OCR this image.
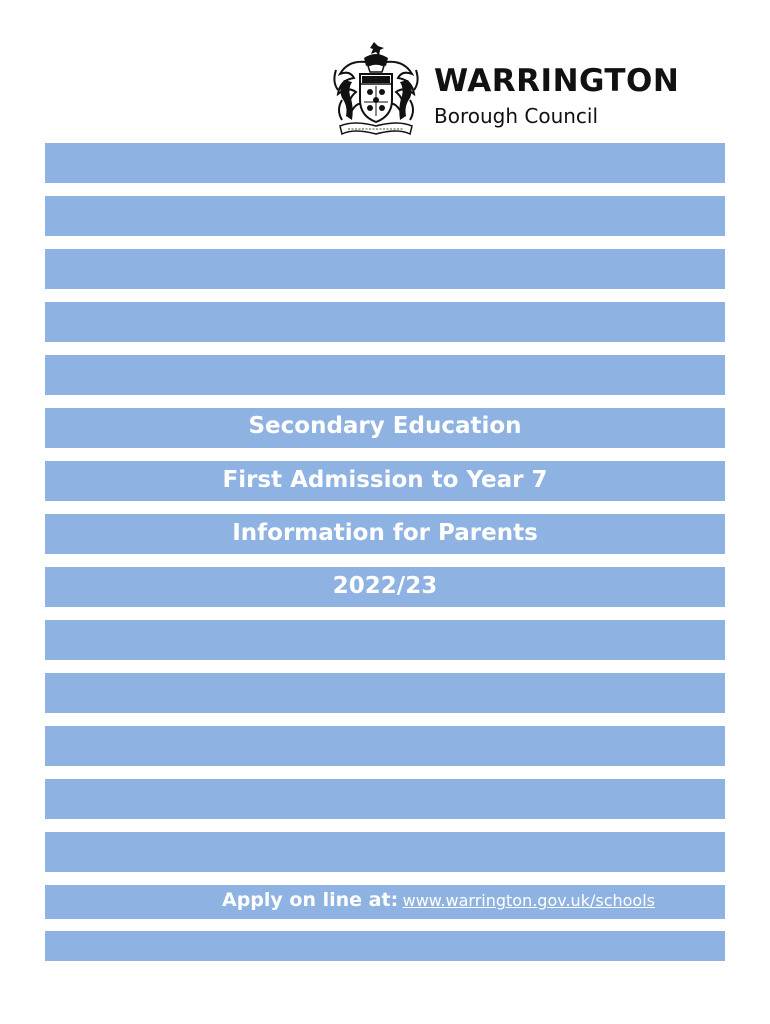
WARRINGTON
Borough Council
Secondary Education
First Admission to Year 7
Information for Parents
2022/23
Apply on line at: www.warrington.gov.uk/schools
